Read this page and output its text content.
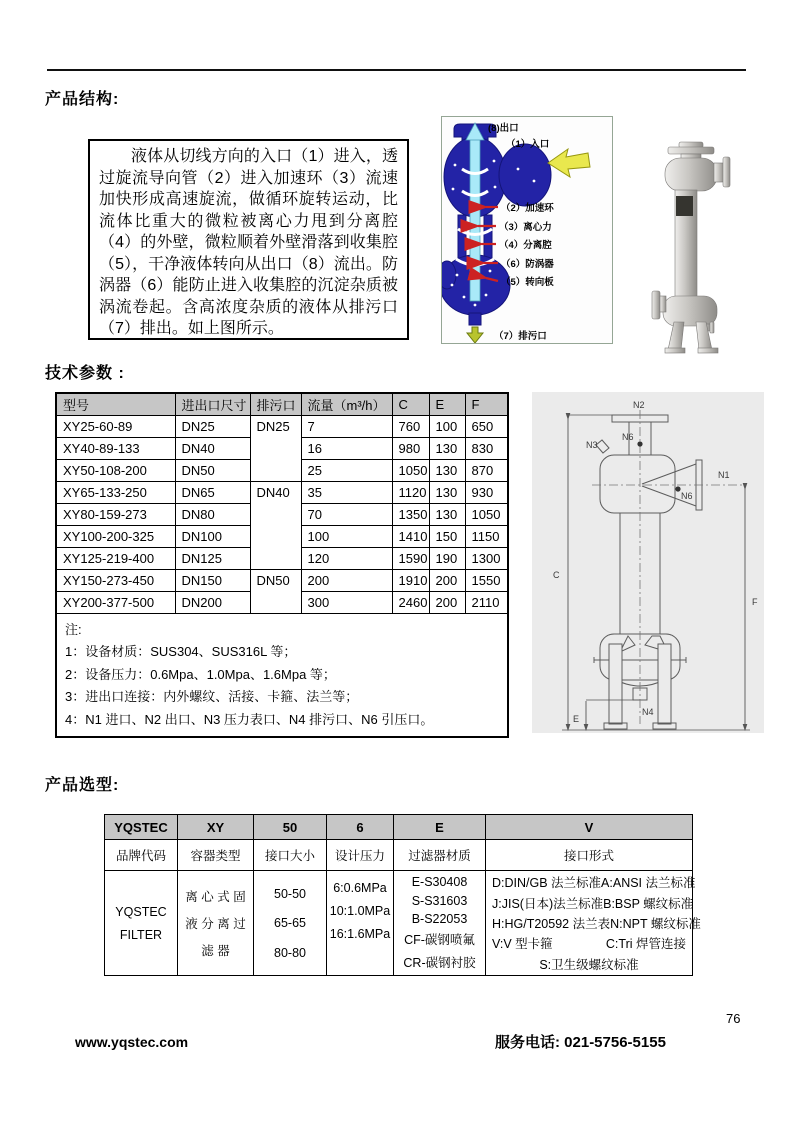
产品结构:
液体从切线方向的入口（1）进入，透过旋流导向管（2）进入加速环（3）流速加快形成高速旋流，做循环旋转运动，比流体比重大的微粒被离心力甩到分离腔（4）的外壁，微粒顺着外壁滑落到收集腔（5），干净液体转向从出口（8）流出。防涡器（6）能防止进入收集腔的沉淀杂质被涡流卷起。含高浓度杂质的液体从排污口（7）排出。如上图所示。
(8)出口
（1）入口
（2）加速环
（3）离心力
（4）分离腔
（6）防涡器
（5）转向板
（7）排污口
技术参数 :
型号	进出口尺寸	排污口	流量（m³/h）	C	E	F
XY25-60-89	DN25	DN25	7	760	100	650
XY40-89-133	DN40		16	980	130	830
XY50-108-200	DN50		25	1050	130	870
XY65-133-250	DN65	DN40	35	1120	130	930
XY80-159-273	DN80		70	1350	130	1050
XY100-200-325	DN100		100	1410	150	1150
XY125-219-400	DN125		120	1590	190	1300
XY150-273-450	DN150	DN50	200	1910	200	1550
XY200-377-500	DN200		300	2460	200	2110

注:
1：设备材质：SUS304、SUS316L 等；
2：设备压力：0.6Mpa、1.0Mpa、1.6Mpa 等；
3：进出口连接：内外螺纹、活接、卡箍、法兰等；
4：N1 进口、N2 出口、N3 压力表口、N4 排污口、N6 引压口。						
N2
N6
N3
N1
N6
C
F
E
N4
产品选型:
YQSTEC	XY	50	6	E	V
品牌代码	容器类型	接口大小	设计压力	过滤器材质	接口形式

YQSTEC
FILTER

离 心 式 固
液 分 离 过
滤 器

50-50
65-65
80-80

6:0.6MPa
10:1.0MPa
16:1.6MPa

E-S30408
S-S31603
B-S22053
CF-碳钢喷氟
CR-碳钢衬胶

D:DIN/GB 法兰标准 A:ANSI 法兰标准
J:JIS(日本)法兰标准 B:BSP 螺纹标准
H:HG/T20592 法兰表 N:NPT 螺纹标准
V:V 型卡箍	C:Tri 焊管连接
S:卫生级螺纹标准
76
www.yqstec.com	服务电话: 021-5756-5155
